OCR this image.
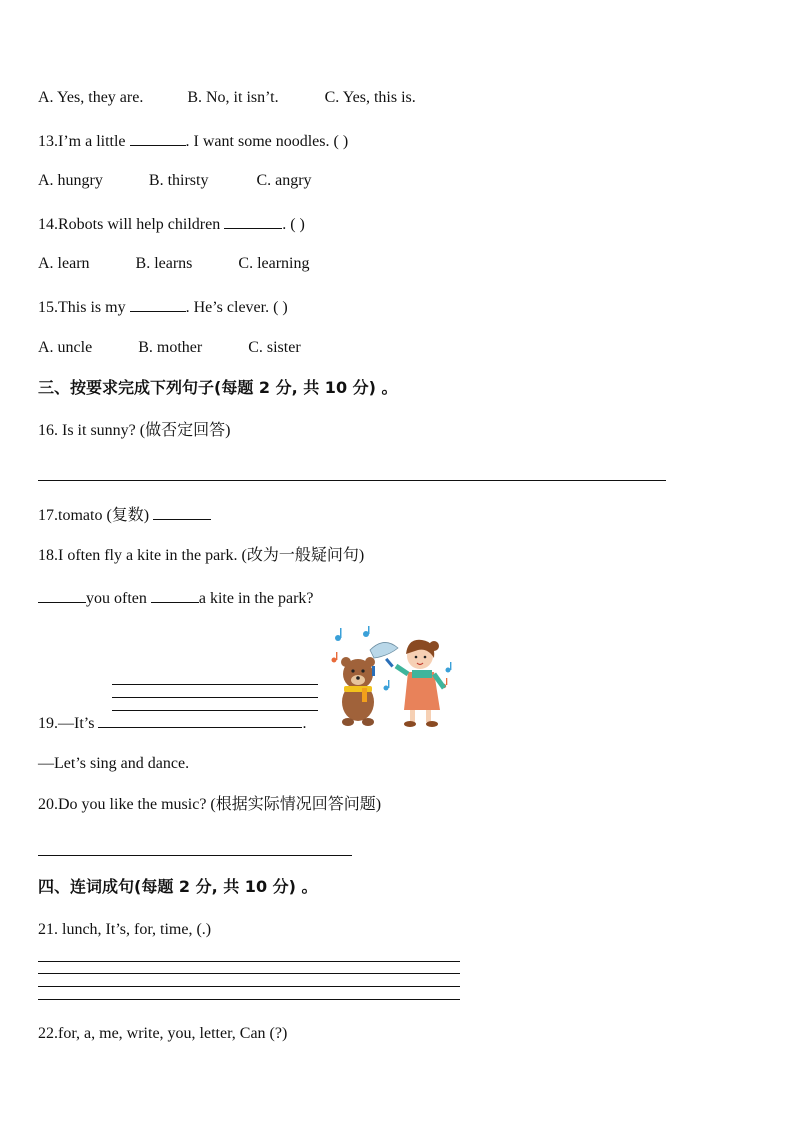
A. Yes, they are.	B. No, it isn’t.	C. Yes, this is.
13.I’m a little	. I want some noodles. ( )
A. hungry	B. thirsty	C. angry
14.Robots will help children	. ( )
A. learn	B. learns	C. learning
15.This is my	. He’s clever. ( )
A. uncle	B. mother	C. sister
三、按要求完成下列句子(每题 2 分, 共 10 分) 。
16. Is it sunny? (做否定回答)
17.tomato (复数)
18.I often fly a kite in the park. (改为一般疑问句)
you often	a kite in the park?
19.—It’s	.
—Let’s sing and dance.
20.Do you like the music? (根据实际情况回答问题)
四、连词成句(每题 2 分, 共 10 分) 。
21. lunch, It’s, for, time, (.)
22.for, a, me, write, you, letter, Can (?)
